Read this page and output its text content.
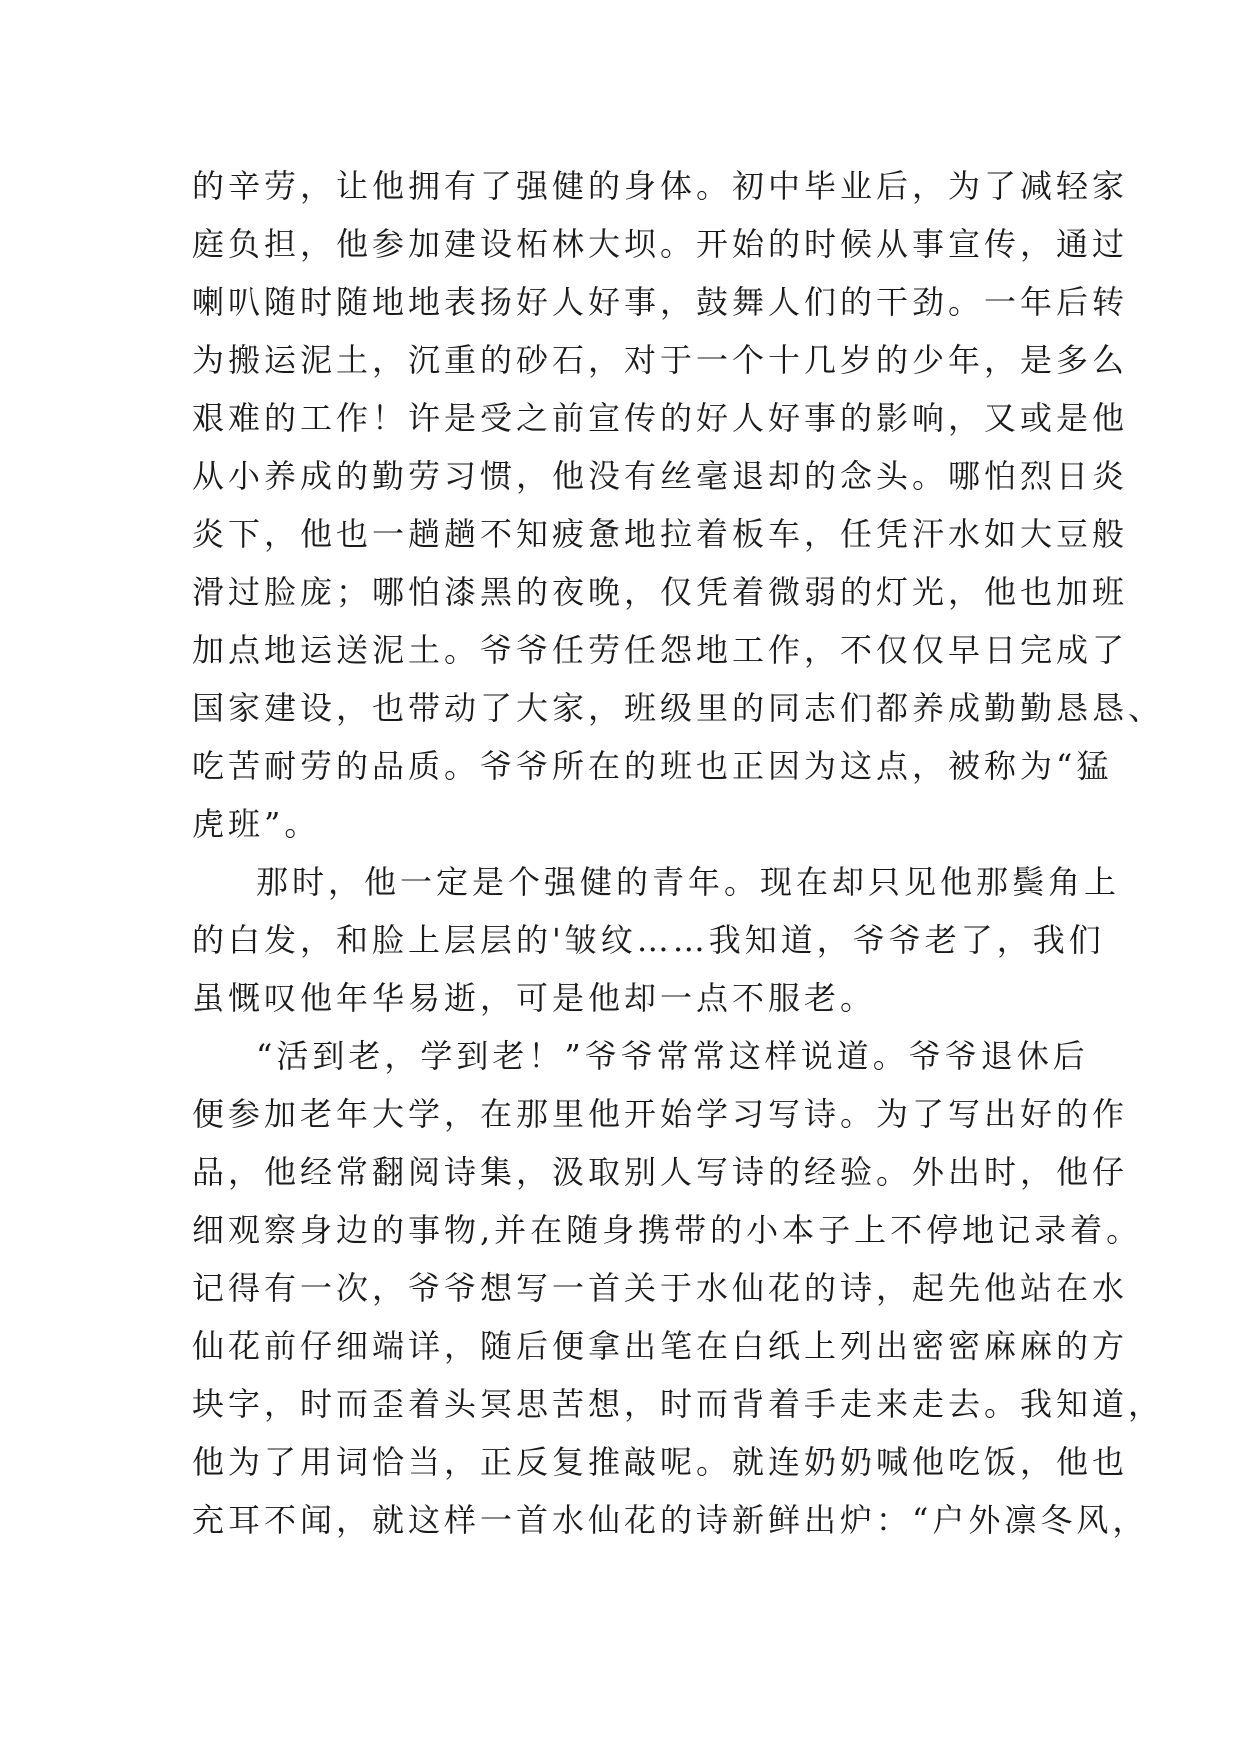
的辛劳，让他拥有了强健的身体。初中毕业后，为了减轻家
庭负担，他参加建设柘林大坝。开始的时候从事宣传，通过
喇叭随时随地地表扬好人好事，鼓舞人们的干劲。一年后转
为搬运泥土，沉重的砂石，对于一个十几岁的少年，是多么
艰难的工作！许是受之前宣传的好人好事的影响，又或是他
从小养成的勤劳习惯，他没有丝毫退却的念头。哪怕烈日炎
炎下，他也一趟趟不知疲惫地拉着板车，任凭汗水如大豆般
滑过脸庞；哪怕漆黑的夜晚，仅凭着微弱的灯光，他也加班
加点地运送泥土。爷爷任劳任怨地工作，不仅仅早日完成了
国家建设，也带动了大家，班级里的同志们都养成勤勤恳恳、
吃苦耐劳的品质。爷爷所在的班也正因为这点，被称为“猛
虎班”。
那时，他一定是个强健的青年。现在却只见他那鬓角上
的白发，和脸上层层的'皱纹……我知道，爷爷老了，我们
虽慨叹他年华易逝，可是他却一点不服老。
“活到老，学到老！”爷爷常常这样说道。爷爷退休后
便参加老年大学，在那里他开始学习写诗。为了写出好的作
品，他经常翻阅诗集，汲取别人写诗的经验。外出时，他仔
细观察身边的事物,并在随身携带的小本子上不停地记录着。
记得有一次，爷爷想写一首关于水仙花的诗，起先他站在水
仙花前仔细端详，随后便拿出笔在白纸上列出密密麻麻的方
块字，时而歪着头冥思苦想，时而背着手走来走去。我知道，
他为了用词恰当，正反复推敲呢。就连奶奶喊他吃饭，他也
充耳不闻，就这样一首水仙花的诗新鲜出炉：“户外凛冬风，
